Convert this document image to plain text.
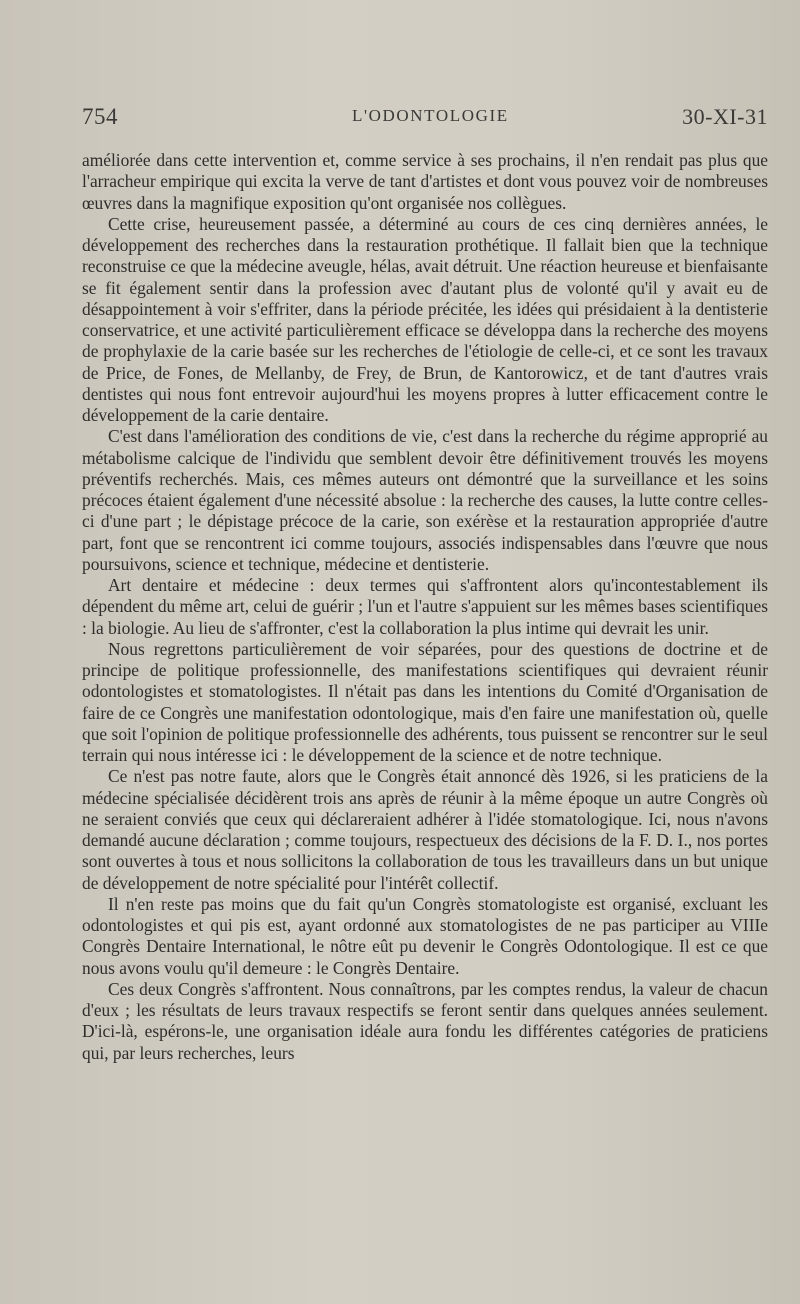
754	L'ODONTOLOGIE	30-XI-31

améliorée dans cette intervention et, comme service à ses prochains, il n'en rendait pas plus que l'arracheur empirique qui excita la verve de tant d'artistes et dont vous pouvez voir de nombreuses œuvres dans la magnifique exposition qu'ont organisée nos collègues.

Cette crise, heureusement passée, a déterminé au cours de ces cinq dernières années, le développement des recherches dans la restauration prothétique. Il fallait bien que la technique reconstruise ce que la médecine aveugle, hélas, avait détruit. Une réaction heureuse et bienfaisante se fit également sentir dans la profession avec d'autant plus de volonté qu'il y avait eu de désappointement à voir s'effriter, dans la période précitée, les idées qui présidaient à la dentisterie conservatrice, et une activité particulièrement efficace se développa dans la recherche des moyens de prophylaxie de la carie basée sur les recherches de l'étiologie de celle-ci, et ce sont les travaux de Price, de Fones, de Mellanby, de Frey, de Brun, de Kantorowicz, et de tant d'autres vrais dentistes qui nous font entrevoir aujourd'hui les moyens propres à lutter efficacement contre le développement de la carie dentaire.

C'est dans l'amélioration des conditions de vie, c'est dans la recherche du régime approprié au métabolisme calcique de l'individu que semblent devoir être définitivement trouvés les moyens préventifs recherchés. Mais, ces mêmes auteurs ont démontré que la surveillance et les soins précoces étaient également d'une nécessité absolue : la recherche des causes, la lutte contre celles-ci d'une part ; le dépistage précoce de la carie, son exérèse et la restauration appropriée d'autre part, font que se rencontrent ici comme toujours, associés indispensables dans l'œuvre que nous poursuivons, science et technique, médecine et dentisterie.

Art dentaire et médecine : deux termes qui s'affrontent alors qu'incontestablement ils dépendent du même art, celui de guérir ; l'un et l'autre s'appuient sur les mêmes bases scientifiques : la biologie. Au lieu de s'affronter, c'est la collaboration la plus intime qui devrait les unir.

Nous regrettons particulièrement de voir séparées, pour des questions de doctrine et de principe de politique professionnelle, des manifestations scientifiques qui devraient réunir odontologistes et stomatologistes. Il n'était pas dans les intentions du Comité d'Organisation de faire de ce Congrès une manifestation odontologique, mais d'en faire une manifestation où, quelle que soit l'opinion de politique professionnelle des adhérents, tous puissent se rencontrer sur le seul terrain qui nous intéresse ici : le développement de la science et de notre technique.

Ce n'est pas notre faute, alors que le Congrès était annoncé dès 1926, si les praticiens de la médecine spécialisée décidèrent trois ans après de réunir à la même époque un autre Congrès où ne seraient conviés que ceux qui déclareraient adhérer à l'idée stomatologique. Ici, nous n'avons demandé aucune déclaration ; comme toujours, respectueux des décisions de la F. D. I., nos portes sont ouvertes à tous et nous sollicitons la collaboration de tous les travailleurs dans un but unique de développement de notre spécialité pour l'intérêt collectif.

Il n'en reste pas moins que du fait qu'un Congrès stomatologiste est organisé, excluant les odontologistes et qui pis est, ayant ordonné aux stomatologistes de ne pas participer au VIIIe Congrès Dentaire International, le nôtre eût pu devenir le Congrès Odontologique. Il est ce que nous avons voulu qu'il demeure : le Congrès Dentaire.

Ces deux Congrès s'affrontent. Nous connaîtrons, par les comptes rendus, la valeur de chacun d'eux ; les résultats de leurs travaux respectifs se feront sentir dans quelques années seulement. D'ici-là, espérons-le, une organisation idéale aura fondu les différentes catégories de praticiens qui, par leurs recherches, leurs
